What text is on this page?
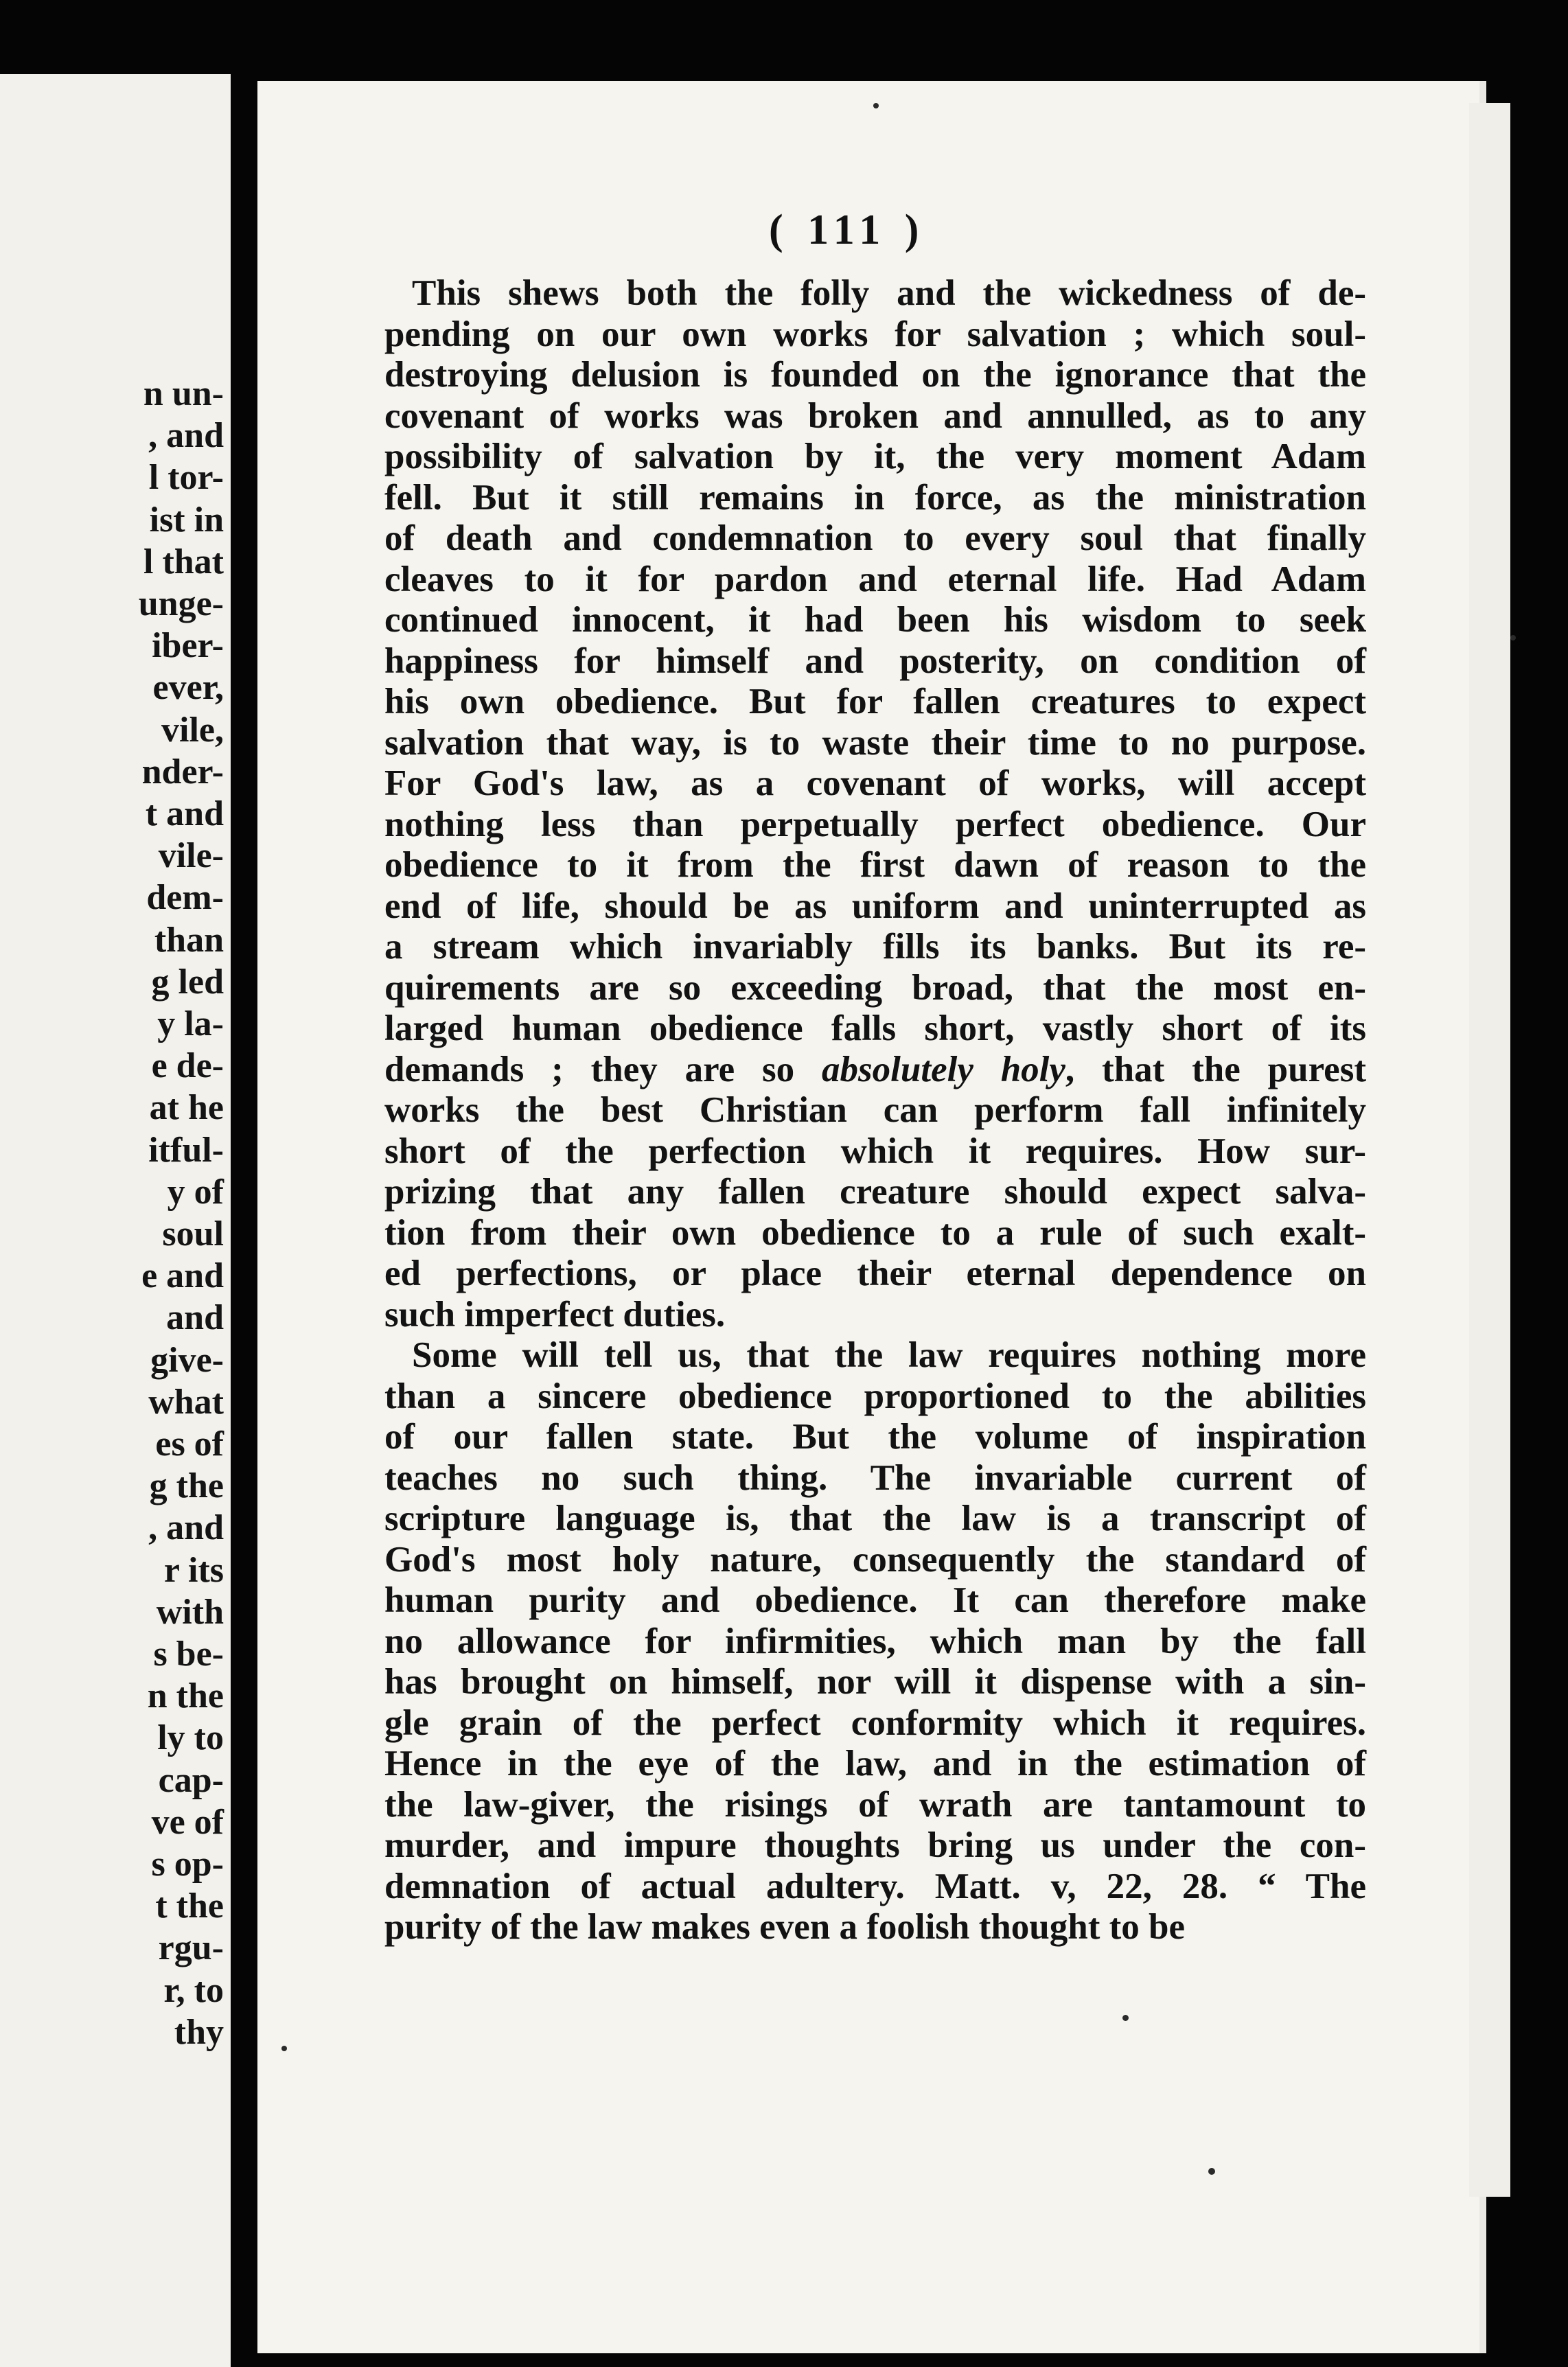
n un-
, and
l tor-
ist in
l that
unge-
iber-
ever,
vile,
nder-
t and
vile-
dem-
than
g led
y la-
e de-
at he
itful-
y of
soul
e and
and
give-
what
es of
g the
, and
r its
with
s be-
n the
ly to
cap-
ve of
s op-
t the
rgu-
r, to
thy
( 111 )
This shews both the folly and the wickedness of de-
pending on our own works for salvation ; which soul-
destroying delusion is founded on the ignorance that the
covenant of works was broken and annulled, as to any
possibility of salvation by it, the very moment Adam
fell. But it still remains in force, as the ministration
of death and condemnation to every soul that finally
cleaves to it for pardon and eternal life. Had Adam
continued innocent, it had been his wisdom to seek
happiness for himself and posterity, on condition of
his own obedience. But for fallen creatures to expect
salvation that way, is to waste their time to no purpose.
For God's law, as a covenant of works, will accept
nothing less than perpetually perfect obedience. Our
obedience to it from the first dawn of reason to the
end of life, should be as uniform and uninterrupted as
a stream which invariably fills its banks. But its re-
quirements are so exceeding broad, that the most en-
larged human obedience falls short, vastly short of its
demands ; they are so absolutely holy, that the purest
works the best Christian can perform fall infinitely
short of the perfection which it requires. How sur-
prizing that any fallen creature should expect salva-
tion from their own obedience to a rule of such exalt-
ed perfections, or place their eternal dependence on
such imperfect duties.
Some will tell us, that the law requires nothing more
than a sincere obedience proportioned to the abilities
of our fallen state. But the volume of inspiration
teaches no such thing. The invariable current of
scripture language is, that the law is a transcript of
God's most holy nature, consequently the standard of
human purity and obedience. It can therefore make
no allowance for infirmities, which man by the fall
has brought on himself, nor will it dispense with a sin-
gle grain of the perfect conformity which it requires.
Hence in the eye of the law, and in the estimation of
the law-giver, the risings of wrath are tantamount to
murder, and impure thoughts bring us under the con-
demnation of actual adultery. Matt. v, 22, 28. “ The
purity of the law makes even a foolish thought to be
